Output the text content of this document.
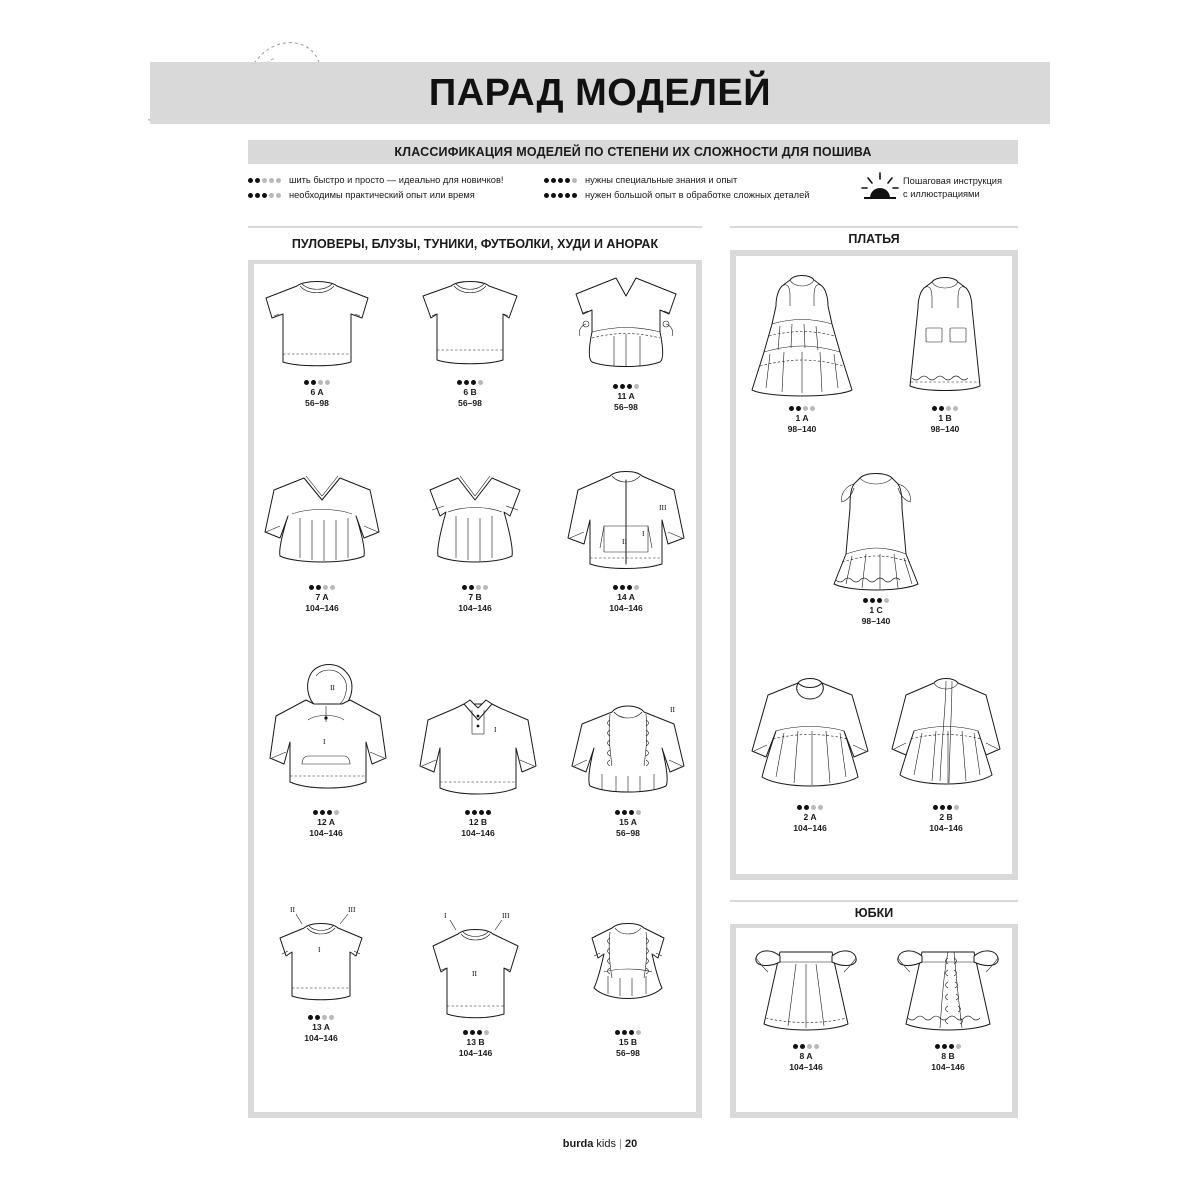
ПАРАД МОДЕЛЕЙ
КЛАССИФИКАЦИЯ МОДЕЛЕЙ ПО СТЕПЕНИ ИХ СЛОЖНОСТИ ДЛЯ ПОШИВА
шить быстро и просто — идеально для новичков!
необходимы практический опыт или время
нужны специальные знания и опыт
нужен большой опыт в обработке сложных деталей
Пошаговая инструкция
с иллюстрациями
ПУЛОВЕРЫ, БЛУЗЫ, ТУНИКИ, ФУТБОЛКИ, ХУДИ И АНОРАК	ПЛАТЬЯ
ЮБКИ
6 A
56–98
6 B
56–98
11 A
56–98
7 A
104–146
7 B
104–146
III
I
II
14 A
104–146
II
I
12 A
104–146
I
12 B
104–146
II
15 A
56–98
II	III
I
13 A
104–146
I	III
II
13 B
104–146
15 B
56–98
1 A
98–140
1 B
98–140
1 C
98–140
2 A
104–146
2 B
104–146
8 A
104–146
8 B
104–146
burda kids | 20
